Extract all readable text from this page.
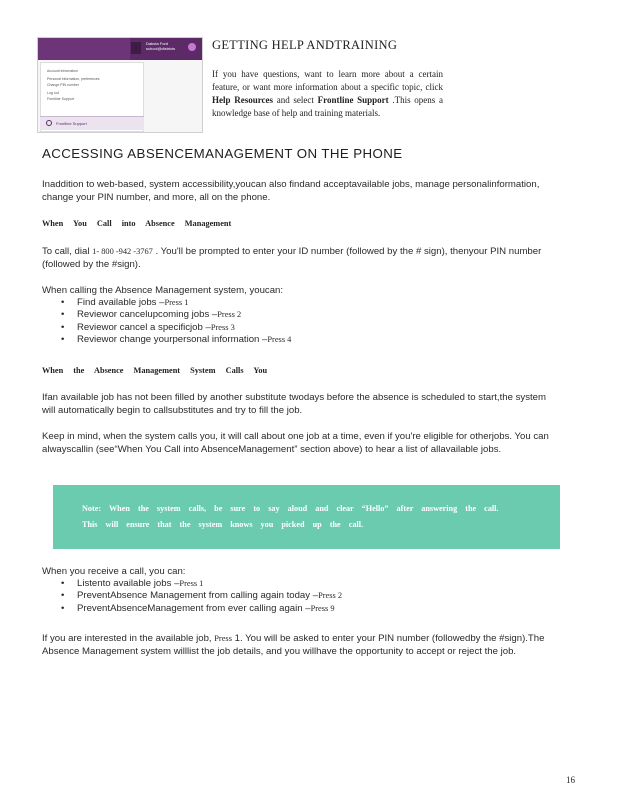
Dakota Ford
school@districts
Account information
Personal information, preferences
Change PIN number
Log out
Frontline Support
Frontline Support
GETTING HELP ANDTRAINING
If you have questions, want to learn more about a certain feature, or want more information about a specific topic, click Help Resources and select Frontline Support .This opens a knowledge base of help and training materials.
ACCESSING ABSENCEMANAGEMENT ON THE PHONE
Inaddition to web-based, system accessibility,youcan also findand acceptavailable jobs, manage personalinformation, change your PIN number, and more, all on the phone.
When You Call into Absence Management
To call, dial 1- 800 -942 -3767 . You'll be prompted to enter your ID number (followed by the # sign), thenyour PIN number (followed by the #sign).
When calling the Absence Management system, youcan:
• Find available jobs –Press 1
• Reviewor cancelupcoming jobs –Press 2
• Reviewor cancel a specificjob –Press 3
• Reviewor change yourpersonal information –Press 4
When the Absence Management System Calls You
Ifan available job has not been filled by another substitute twodays before the absence is scheduled to start,the system will automatically begin to callsubstitutes and try to fill the job.
Keep in mind, when the system calls you, it will call about one job at a time, even if you're eligible for otherjobs. You can alwayscallin (see“When You Call into AbsenceManagement” section above) to hear a list of allavailable jobs.
Note: When the system calls, be sure to say aloud and clear “Hello” after answering the call. This will ensure that the system knows you picked up the call.
When you receive a call, you can:
• Listento available jobs –Press 1
• PreventAbsence Management from calling again today –Press 2
• PreventAbsenceManagement from ever calling again –Press 9
If you are interested in the available job, Press 1. You will be asked to enter your PIN number (followedby the #sign).The Absence Management system willlist the job details, and you willhave the opportunity to accept or reject the job.
16
